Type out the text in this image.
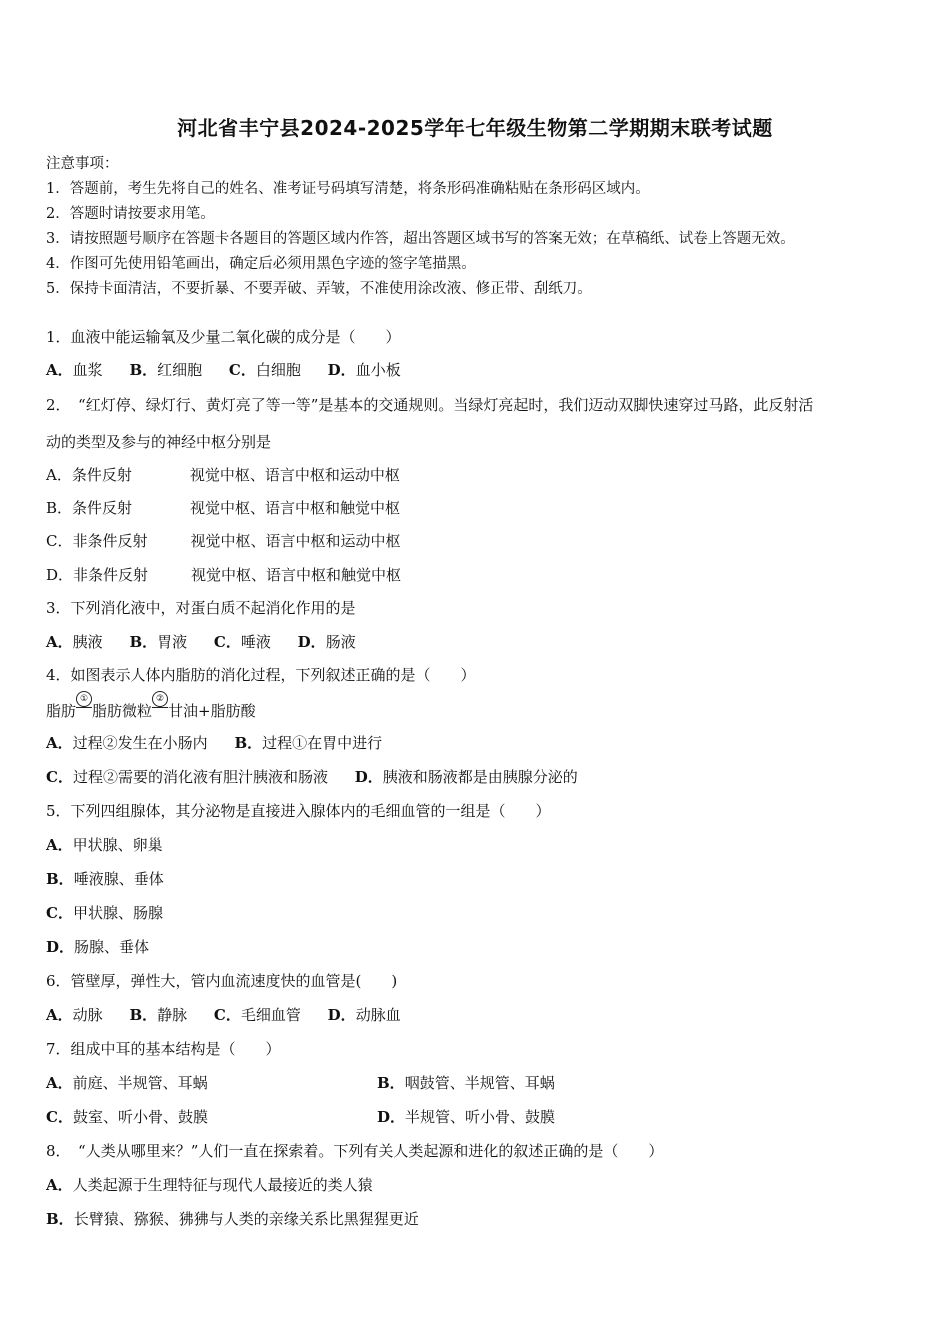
河北省丰宁县2024-2025学年七年级生物第二学期期末联考试题
注意事项：
1．答题前，考生先将自己的姓名、准考证号码填写清楚，将条形码准确粘贴在条形码区域内。
2．答题时请按要求用笔。
3．请按照题号顺序在答题卡各题目的答题区域内作答，超出答题区域书写的答案无效；在草稿纸、试卷上答题无效。
4．作图可先使用铅笔画出，确定后必须用黑色字迹的签字笔描黑。
5．保持卡面清洁，不要折暴、不要弄破、弄皱，不准使用涂改液、修正带、刮纸刀。
1．血液中能运输氧及少量二氧化碳的成分是（　　）
A．血浆 B．红细胞 C．白细胞 D．血小板
2．　“红灯停、绿灯行、黄灯亮了等一等”是基本的交通规则。当绿灯亮起时，我们迈动双脚快速穿过马路，此反射活
动的类型及参与的神经中枢分别是
A．条件反射	视觉中枢、语言中枢和运动中枢
B．条件反射	视觉中枢、语言中枢和触觉中枢
C．非条件反射	视觉中枢、语言中枢和运动中枢
D．非条件反射	视觉中枢、语言中枢和触觉中枢
3．下列消化液中，对蛋白质不起消化作用的是
A．胰液 B．胃液 C．唾液 D．肠液
4．如图表示人体内脂肪的消化过程，下列叙述正确的是（　　）
脂肪
①
脂肪微粒
②
甘油+脂肪酸
A．过程②发生在小肠内 B．过程①在胃中进行
C．过程②需要的消化液有胆汁胰液和肠液 D．胰液和肠液都是由胰腺分泌的
5．下列四组腺体，其分泌物是直接进入腺体内的毛细血管的一组是（　　）
A．甲状腺、卵巢
B．唾液腺、垂体
C．甲状腺、肠腺
D．肠腺、垂体
6．管壁厚，弹性大，管内血流速度快的血管是(　　)
A．动脉 B．静脉 C．毛细血管 D．动脉血
7．组成中耳的基本结构是（　　）
A．前庭、半规管、耳蜗	B．咽鼓管、半规管、耳蜗
C．鼓室、听小骨、鼓膜	D．半规管、听小骨、鼓膜
8．　“人类从哪里来？”人们一直在探索着。下列有关人类起源和进化的叙述正确的是（　　）
A．人类起源于生理特征与现代人最接近的类人猿
B．长臂猿、猕猴、狒狒与人类的亲缘关系比黑猩猩更近
